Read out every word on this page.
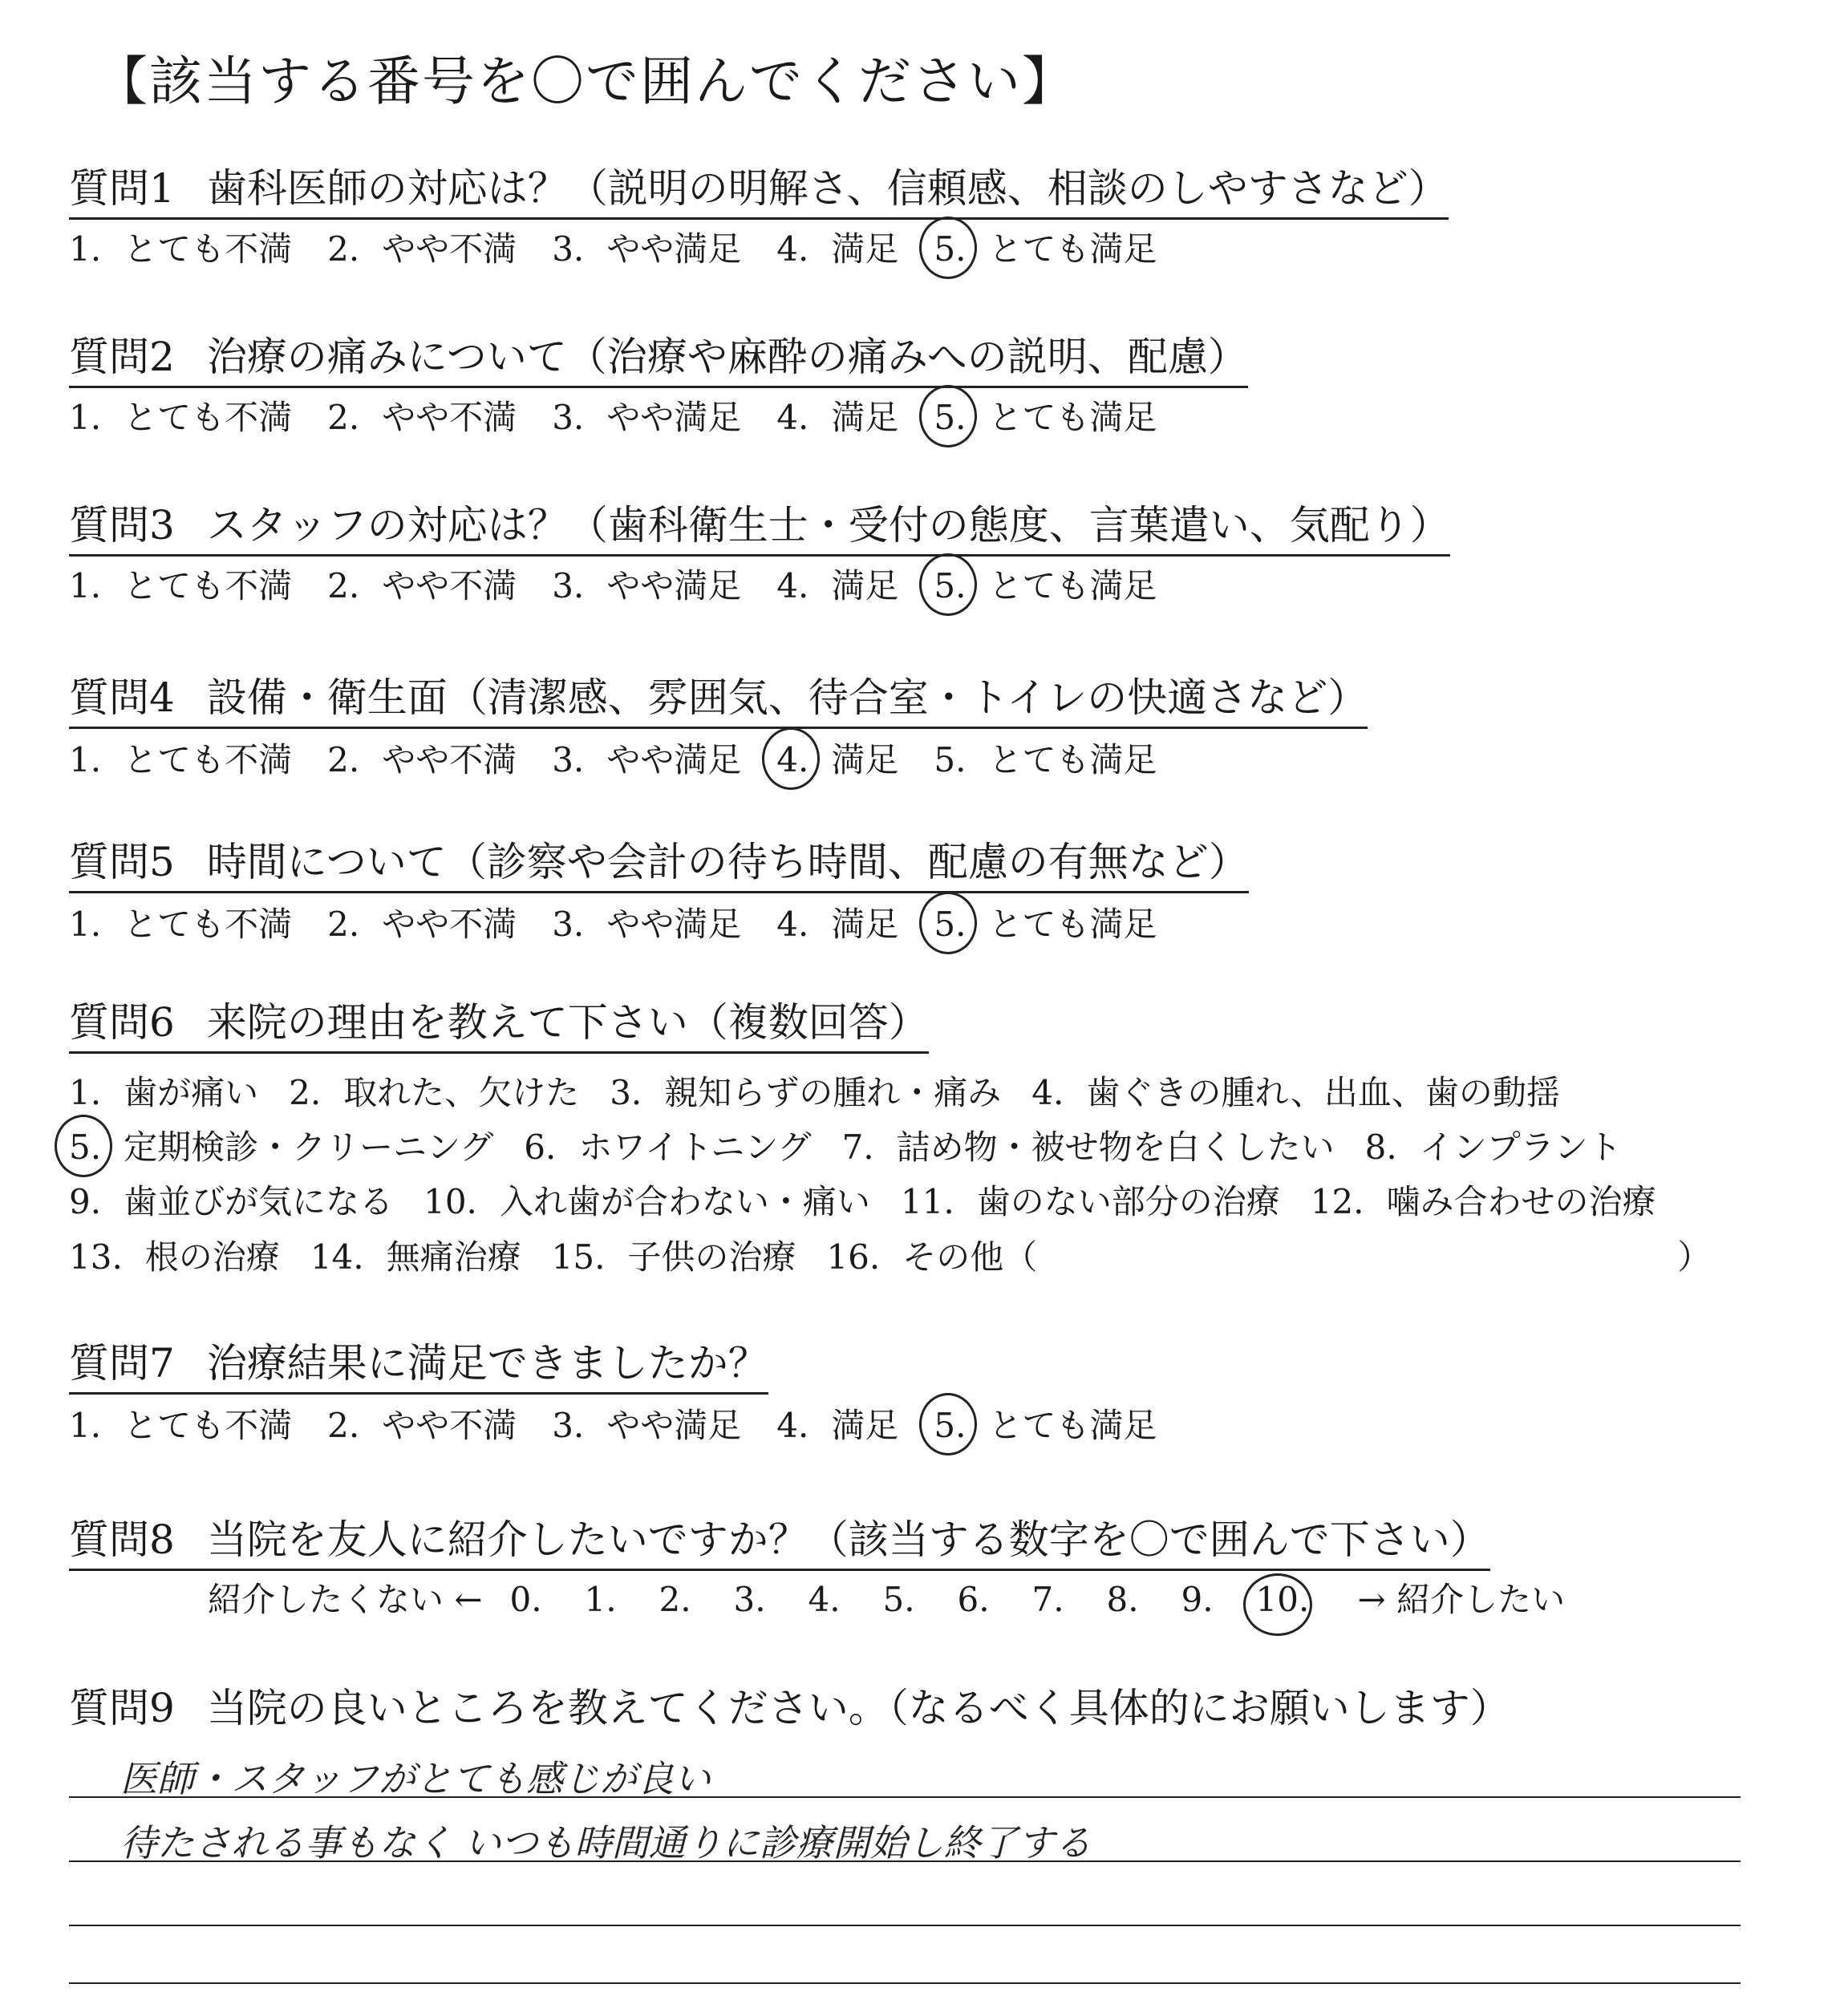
【該当する番号を〇で囲んでください】
質問1 歯科医師の対応は？（説明の明解さ、信頼感、相談のしやすさなど）
1. とても不満 2. やや不満 3. やや満足 4. 満足 5. とても満足
質問2 治療の痛みについて（治療や麻酔の痛みへの説明、配慮）
1. とても不満 2. やや不満 3. やや満足 4. 満足 5. とても満足
質問3 スタッフの対応は？（歯科衛生士・受付の態度、言葉遣い、気配り）
1. とても不満 2. やや不満 3. やや満足 4. 満足 5. とても満足
質問4 設備・衛生面（清潔感、雰囲気、待合室・トイレの快適さなど）
1. とても不満 2. やや不満 3. やや満足 4. 満足 5. とても満足
質問5 時間について（診察や会計の待ち時間、配慮の有無など）
1. とても不満 2. やや不満 3. やや満足 4. 満足 5. とても満足
質問7 治療結果に満足できましたか？
1. とても不満 2. やや不満 3. やや満足 4. 満足 5. とても満足
質問6 来院の理由を教えて下さい（複数回答）
1. 歯が痛い 2. 取れた、欠けた 3. 親知らずの腫れ・痛み 4. 歯ぐきの腫れ、出血、歯の動揺
5. 定期検診・クリーニング 6. ホワイトニング 7. 詰め物・被せ物を白くしたい 8. インプラント
9. 歯並びが気になる 10. 入れ歯が合わない・痛い 11. 歯のない部分の治療 12. 噛み合わせの治療
13. 根の治療 14. 無痛治療 15. 子供の治療 16. その他（	）
質問8 当院を友人に紹介したいですか？（該当する数字を〇で囲んで下さい）
紹介したくない ← 0. 1. 2. 3. 4. 5. 6. 7. 8. 9. 10. → 紹介したい
質問9 当院の良いところを教えてください。（なるべく具体的にお願いします）
医師・スタッフがとても感じが良い
待たされる事もなく いつも時間通りに診療開始し終了する
